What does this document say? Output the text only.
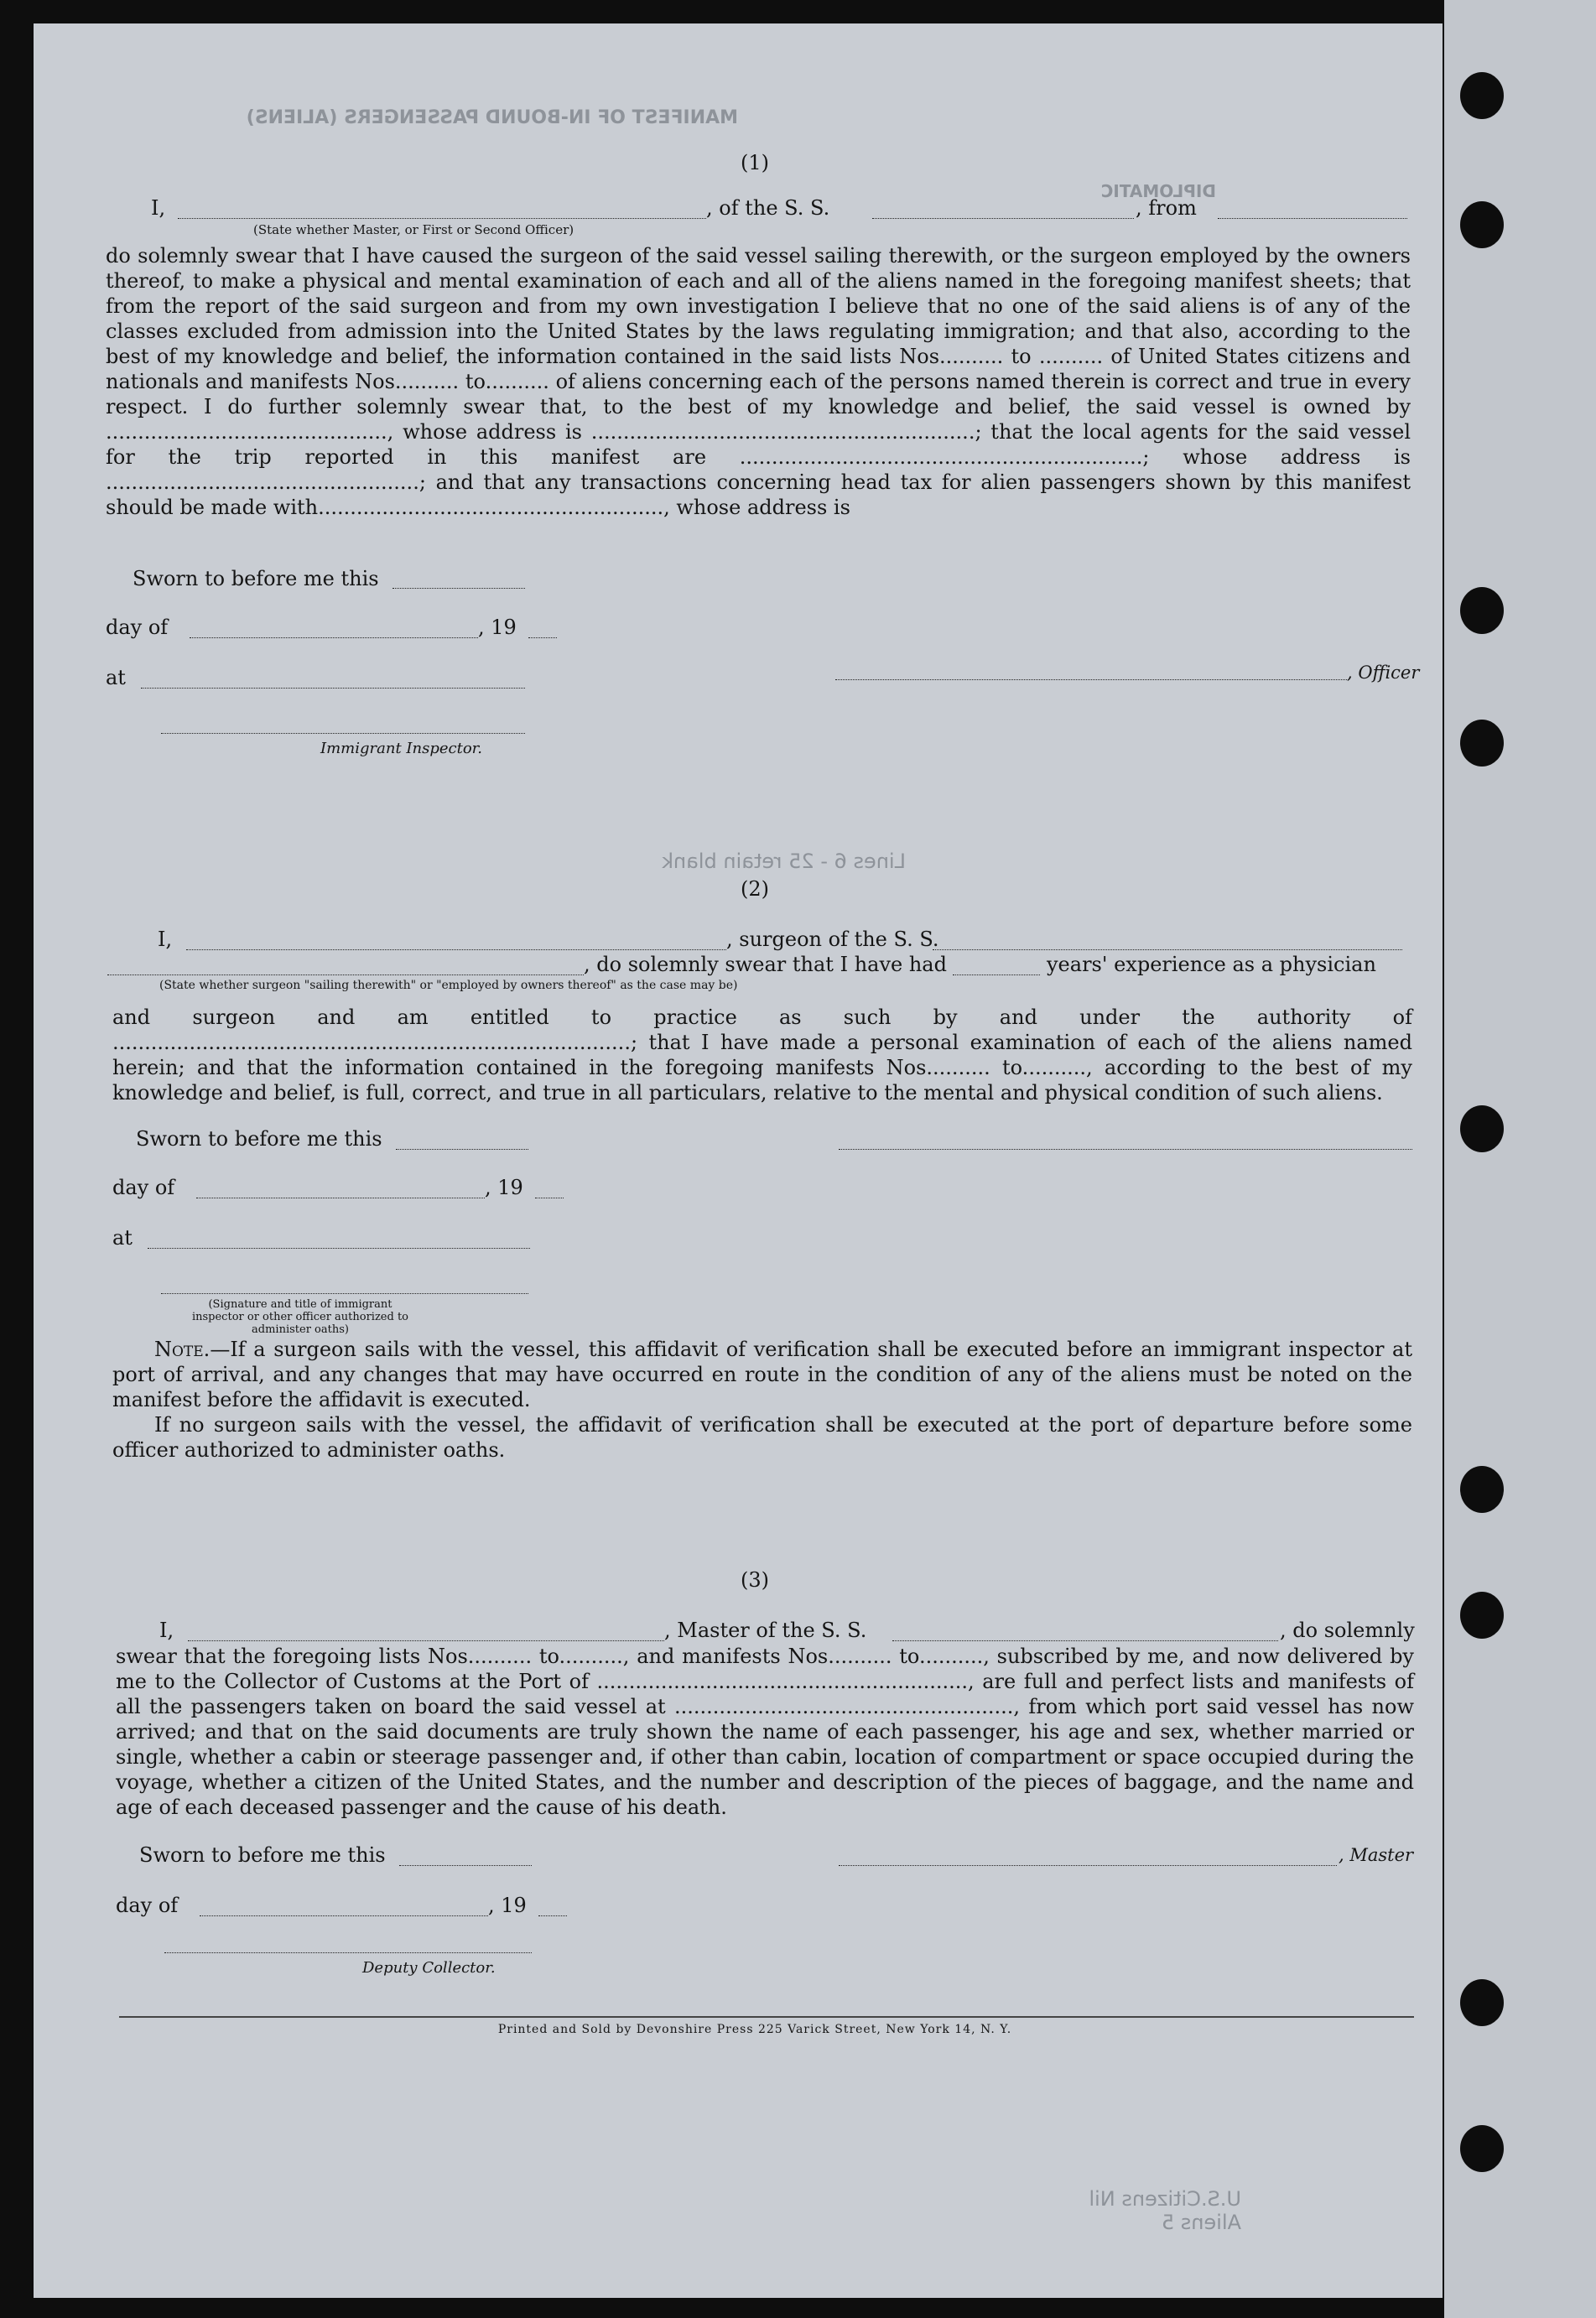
MANIFEST OF IN-BOUND PASSENGERS (ALIENS)
DIPLOMATIC
Lines 6 - 25 retain blank
U.S.Citizens Nil Aliens 5
(1)
I,	, of the S. S.	, from
(State whether Master, or First or Second Officer)
do solemnly swear that I have caused the surgeon of the said vessel sailing therewith, or the surgeon employed by the owners thereof, to make a physical and mental examination of each and all of the aliens named in the foregoing manifest sheets; that from the report of the said surgeon and from my own investigation I believe that no one of the said aliens is of any of the classes excluded from admission into the United States by the laws regulating immigration; and that also, according to the best of my knowledge and belief, the information contained in the said lists Nos.......... to .......... of United States citizens and nationals and manifests Nos.......... to.......... of aliens concerning each of the persons named therein is correct and true in every respect. I do further solemnly swear that, to the best of my knowledge and belief, the said vessel is owned by ............................................, whose address is ............................................................; that the local agents for the said vessel for the trip reported in this manifest are ...............................................................; whose address is .................................................; and that any transactions concerning head tax for alien passengers shown by this manifest should be made with......................................................, whose address is
Sworn to before me this
, Officer
day of	, 19
at
Immigrant Inspector.
(2)
I,	, surgeon of the S. S.
, do solemnly swear that I have had	years' experience as a physician
(State whether surgeon "sailing therewith" or "employed by owners thereof" as the case may be)
and surgeon and am entitled to practice as such by and under the authority of .................................................................................; that I have made a personal examination of each of the aliens named herein; and that the information contained in the foregoing manifests Nos.......... to.........., according to the best of my knowledge and belief, is full, correct, and true in all particulars, relative to the mental and physical condition of such aliens.
Sworn to before me this
day of	, 19
at
(Signature and title of immigrant inspector or other officer authorized to administer oaths)
Note.—If a surgeon sails with the vessel, this affidavit of verification shall be executed before an immigrant inspector at port of arrival, and any changes that may have occurred en route in the condition of any of the aliens must be noted on the manifest before the affidavit is executed.
If no surgeon sails with the vessel, the affidavit of verification shall be executed at the port of departure before some officer authorized to administer oaths.
(3)
I,	, Master of the S. S.	, do solemnly
swear that the foregoing lists Nos.......... to.........., and manifests Nos.......... to.........., subscribed by me, and now delivered by me to the Collector of Customs at the Port of .........................................................., are full and perfect lists and manifests of all the passengers taken on board the said vessel at ....................................................., from which port said vessel has now arrived; and that on the said documents are truly shown the name of each passenger, his age and sex, whether married or single, whether a cabin or steerage passenger and, if other than cabin, location of compartment or space occupied during the voyage, whether a citizen of the United States, and the number and description of the pieces of baggage, and the name and age of each deceased passenger and the cause of his death.
Sworn to before me this	, Master
day of	, 19
Deputy Collector.
Printed and Sold by Devonshire Press 225 Varick Street, New York 14, N. Y.
